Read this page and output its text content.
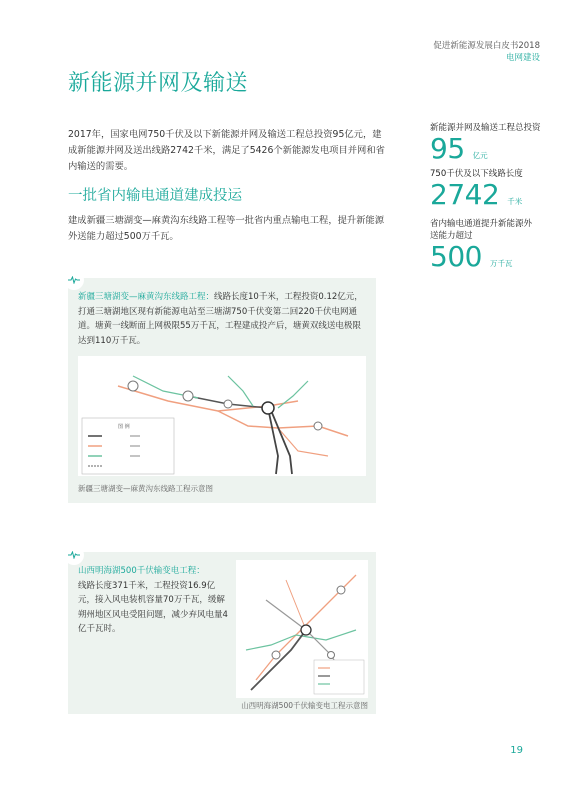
促进新能源发展白皮书2018
电网建设
新能源并网及输送
2017年，国家电网750千伏及以下新能源并网及输送工程总投资95亿元，建成新能源并网及送出线路2742千米，满足了5426个新能源发电项目并网和省内输送的需要。
一批省内输电通道建成投运
建成新疆三塘湖变—麻黄沟东线路工程等一批省内重点输电工程，提升新能源外送能力超过500万千瓦。
新能源并网及输送工程总投资
95 亿元
750千伏及以下线路长度
2742 千米
省内输电通道提升新能源外送能力超过
500 万千瓦
新疆三塘湖变—麻黄沟东线路工程：线路长度10千米，工程投资0.12亿元，打通三塘湖地区现有新能源电站至三塘湖750千伏变第二回220千伏电网通道。塘黄一线断面上网极限55万千瓦，工程建成投产后，塘黄双线送电极限达到110万千瓦。
图 例
新疆三塘湖变—麻黄沟东线路工程示意图
山西明海湖500千伏输变电工程：
线路长度371千米，工程投资16.9亿元，接入风电装机容量70万千瓦，缓解朔州地区风电受阻问题，减少弃风电量4亿千瓦时。
山西明海湖500千伏输变电工程示意图
19
